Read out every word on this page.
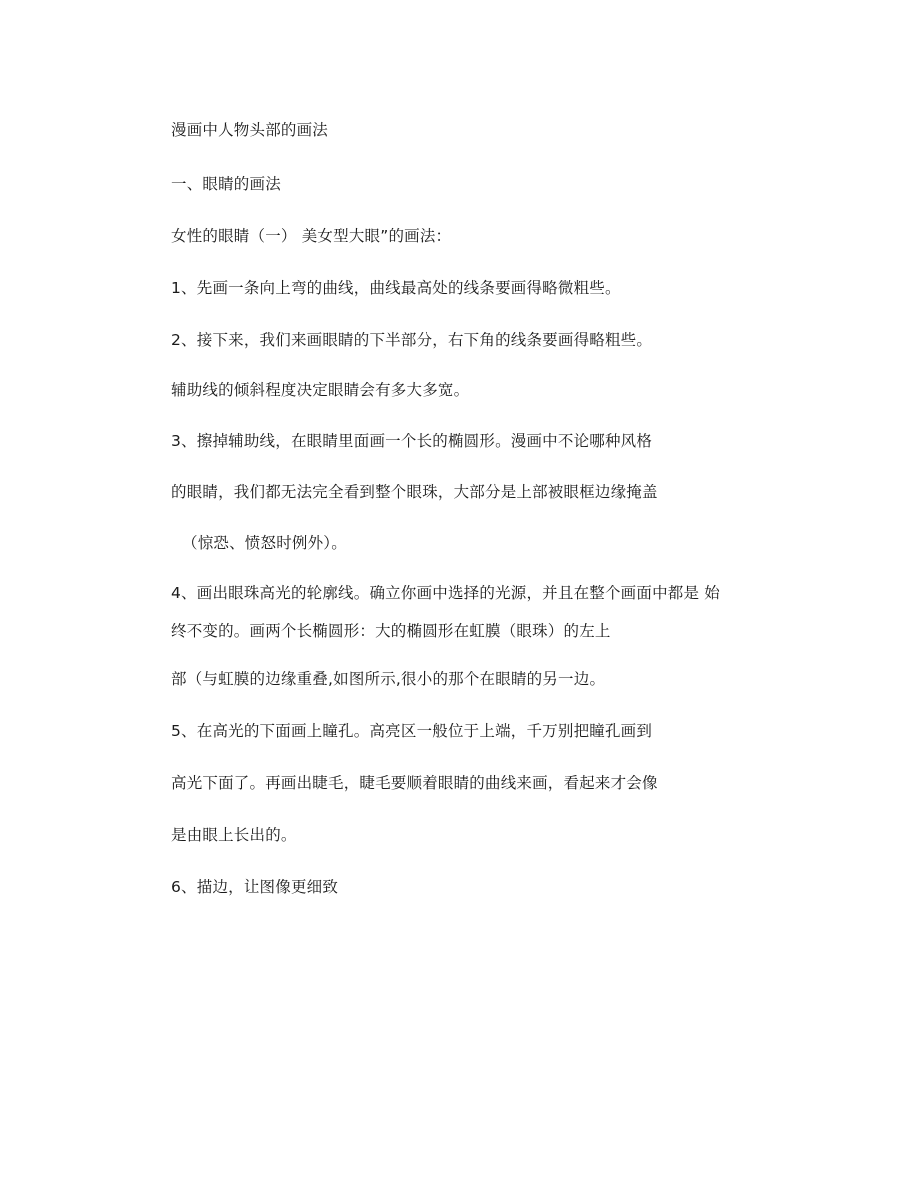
漫画中人物头部的画法
一、眼睛的画法
女性的眼睛（一） 美女型大眼”的画法：
1、先画一条向上弯的曲线，曲线最高处的线条要画得略微粗些。
2、接下来，我们来画眼睛的下半部分，右下角的线条要画得略粗些。
辅助线的倾斜程度决定眼睛会有多大多宽。
3、擦掉辅助线，在眼睛里面画一个长的椭圆形。漫画中不论哪种风格
的眼睛，我们都无法完全看到整个眼珠，大部分是上部被眼框边缘掩盖
（惊恐、愤怒时例外）。
4、画出眼珠高光的轮廓线。确立你画中选择的光源，并且在整个画面中都是 始
终不变的。画两个长椭圆形：大的椭圆形在虹膜（眼珠）的左上
部（与虹膜的边缘重叠,如图所示,很小的那个在眼睛的另一边。
5、在高光的下面画上瞳孔。高亮区一般位于上端，千万别把瞳孔画到
高光下面了。再画出睫毛，睫毛要顺着眼睛的曲线来画，看起来才会像
是由眼上长出的。
6、描边，让图像更细致
